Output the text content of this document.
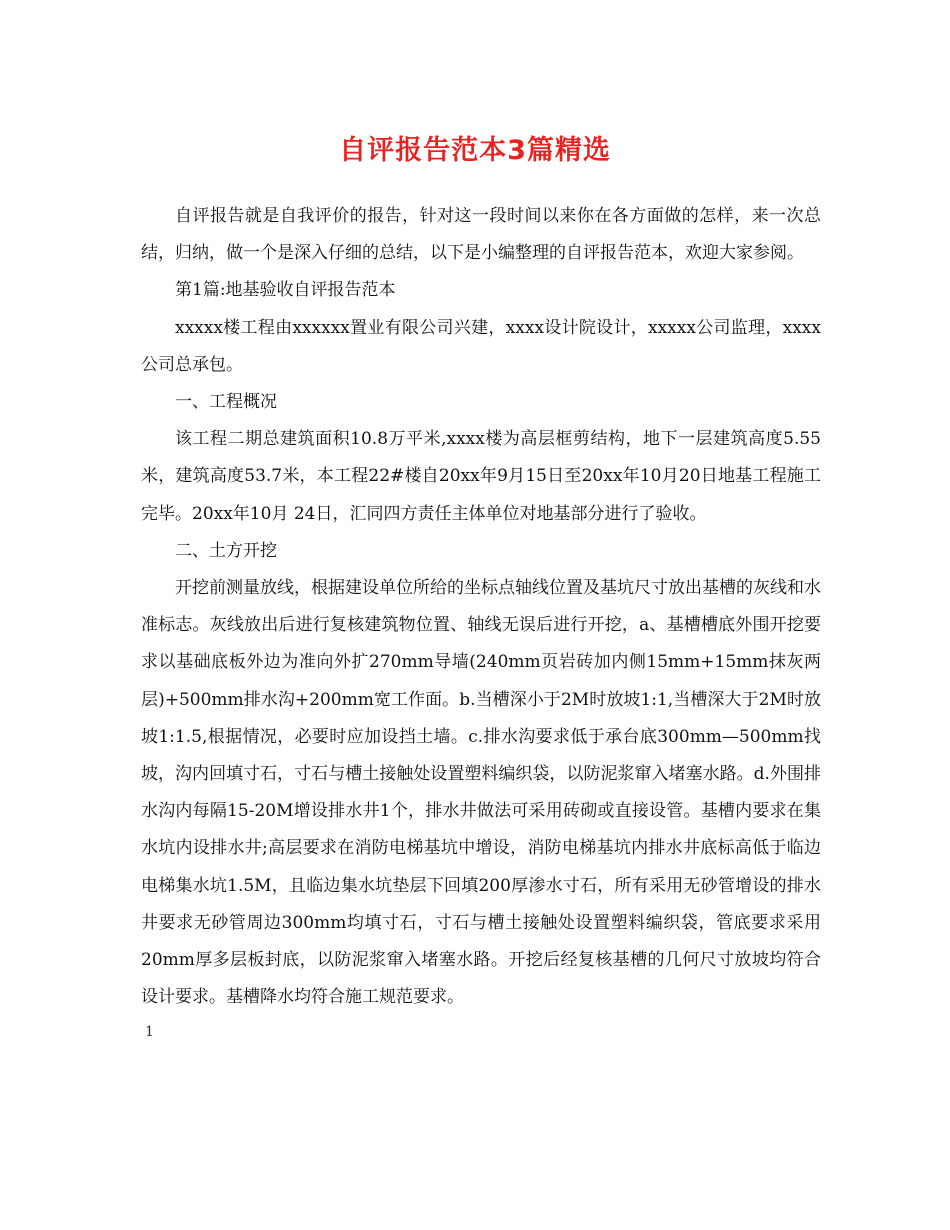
自评报告范本3篇精选

自评报告就是自我评价的报告，针对这一段时间以来你在各方面做的怎样，来一次总结，归纳，做一个是深入仔细的总结，以下是小编整理的自评报告范本，欢迎大家参阅。

第1篇:地基验收自评报告范本

xxxxx楼工程由xxxxxx置业有限公司兴建，xxxx设计院设计，xxxxx公司监理，xxxx公司总承包。

一、工程概况

该工程二期总建筑面积10.8万平米,xxxx楼为高层框剪结构，地下一层建筑高度5.55米，建筑高度53.7米，本工程22#楼自20xx年9月15日至20xx年10月20日地基工程施工完毕。20xx年10月 24日，汇同四方责任主体单位对地基部分进行了验收。

二、土方开挖

开挖前测量放线，根据建设单位所给的坐标点轴线位置及基坑尺寸放出基槽的灰线和水准标志。灰线放出后进行复核建筑物位置、轴线无误后进行开挖，a、基槽槽底外围开挖要求以基础底板外边为准向外扩270mm导墙(240mm页岩砖加内侧15mm+15mm抹灰两层)+500mm排水沟+200mm宽工作面。b.当槽深小于2M时放坡1:1,当槽深大于2M时放坡1:1.5,根据情况，必要时应加设挡土墙。c.排水沟要求低于承台底300mm—500mm找坡，沟内回填寸石，寸石与槽土接触处设置塑料编织袋，以防泥浆窜入堵塞水路。d.外围排水沟内每隔15-20M增设排水井1个，排水井做法可采用砖砌或直接设管。基槽内要求在集水坑内设排水井;高层要求在消防电梯基坑中增设，消防电梯基坑内排水井底标高低于临边电梯集水坑1.5M，且临边集水坑垫层下回填200厚渗水寸石，所有采用无砂管增设的排水井要求无砂管周边300mm均填寸石，寸石与槽土接触处设置塑料编织袋，管底要求采用20mm厚多层板封底，以防泥浆窜入堵塞水路。开挖后经复核基槽的几何尺寸放坡均符合设计要求。基槽降水均符合施工规范要求。

1
